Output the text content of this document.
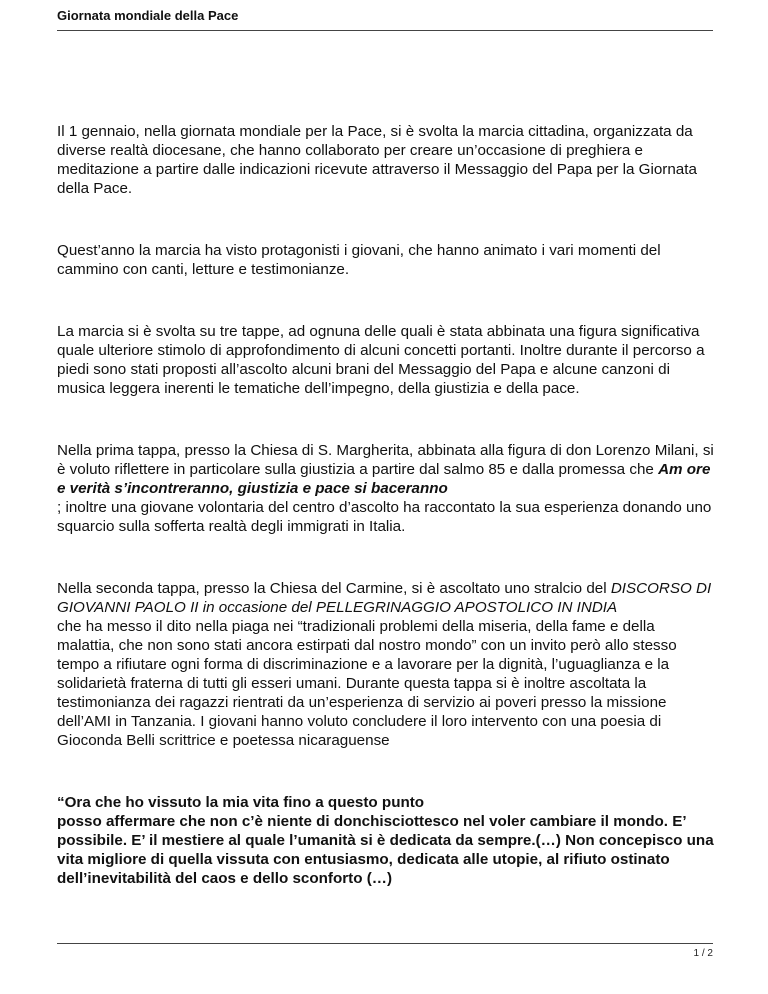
Giornata mondiale della Pace

Il 1 gennaio, nella giornata mondiale per la Pace, si è svolta la marcia cittadina, organizzata da diverse realtà diocesane, che hanno collaborato per creare un’occasione di preghiera e meditazione a partire dalle indicazioni ricevute attraverso il Messaggio del Papa per la Giornata della Pace.

Quest’anno la marcia ha visto protagonisti i giovani, che hanno animato i vari momenti del cammino con canti, letture e testimonianze.

La marcia si è svolta su tre tappe, ad ognuna delle quali è stata abbinata una figura significativa quale ulteriore stimolo di approfondimento di alcuni concetti portanti. Inoltre durante il percorso a piedi sono stati proposti all’ascolto alcuni brani del Messaggio del Papa e alcune canzoni di musica leggera inerenti le tematiche dell’impegno, della giustizia e della pace.

Nella prima tappa, presso la Chiesa di S. Margherita, abbinata alla figura di don Lorenzo Milani, si è voluto riflettere in particolare sulla giustizia a partire dal salmo 85 e dalla promessa che Am ore e verità s’incontreranno, giustizia e pace si baceranno
; inoltre una giovane volontaria del centro d’ascolto ha raccontato la sua esperienza donando uno squarcio sulla sofferta realtà degli immigrati in Italia.

Nella seconda tappa, presso la Chiesa del Carmine, si è ascoltato uno stralcio del DISCORSO DI GIOVANNI PAOLO II in occasione del PELLEGRINAGGIO APOSTOLICO IN INDIA
che ha messo il dito nella piaga nei “tradizionali problemi della miseria, della fame e della malattia, che non sono stati ancora estirpati dal nostro mondo” con un invito però allo stesso tempo a rifiutare ogni forma di discriminazione e a lavorare per la dignità, l’uguaglianza e la solidarietà fraterna di tutti gli esseri umani. Durante questa tappa si è inoltre ascoltata la testimonianza dei ragazzi rientrati da un’esperienza di servizio ai poveri presso la missione dell’AMI in Tanzania. I giovani hanno voluto concludere il loro intervento con una poesia di Gioconda Belli scrittrice e poetessa nicaraguense

“Ora che ho vissuto la mia vita fino a questo punto
posso affermare che non c’è niente di donchisciottesco nel voler cambiare il mondo. E’ possibile. E’ il mestiere al quale l’umanità si è dedicata da sempre.(…) Non concepisco una vita migliore di quella vissuta con entusiasmo, dedicata alle utopie, al rifiuto ostinato dell’inevitabilità del caos e dello sconforto (…)

1 / 2
